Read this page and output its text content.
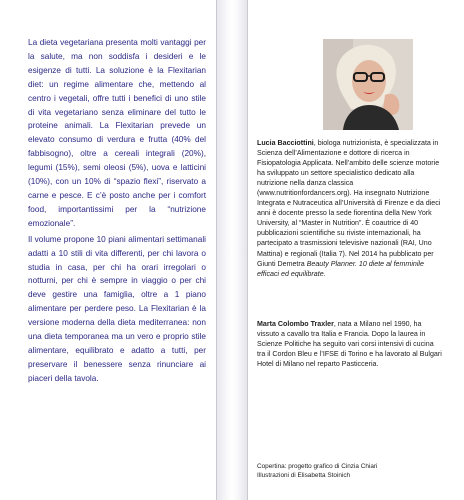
La dieta vegetariana presenta molti vantaggi per la salute, ma non soddisfa i desideri e le esigenze di tutti. La soluzione è la Flexitarian diet: un regime alimentare che, mettendo al centro i vegetali, offre tutti i benefici di uno stile di vita vegetariano senza eliminare del tutto le proteine animali. La Flexitarian prevede un elevato consumo di verdura e frutta (40% del fabbisogno), oltre a cereali integrali (20%), legumi (15%), semi oleosi (5%), uova e latticini (10%), con un 10% di “spazio flexi”, riservato a carne e pesce. E c’è posto anche per i comfort food, importantissimi per la “nutrizione emozionale”.

Il volume propone 10 piani alimentari settimanali adatti a 10 stili di vita differenti, per chi lavora o studia in casa, per chi ha orari irregolari o notturni, per chi è sempre in viaggio o per chi deve gestire una famiglia, oltre a 1 piano alimentare per perdere peso. La Flexitarian è la versione moderna della dieta mediterranea: non una dieta temporanea ma un vero e proprio stile alimentare, equilibrato e adatto a tutti, per preservare il benessere senza rinunciare ai piaceri della tavola.

Lucia Bacciottini, biologa nutrizionista, è specializzata in Scienza dell’Alimentazione e dottore di ricerca in Fisiopatologia Applicata. Nell’ambito delle scienze motorie ha sviluppato un settore specialistico dedicato alla nutrizione nella danza classica (www.nutritionfordancers.org). Ha insegnato Nutrizione Integrata e Nutraceutica all’Università di Firenze e da dieci anni è docente presso la sede fiorentina della New York University, al “Master in Nutrition”. È coautrice di 40 pubblicazioni scientifiche su riviste internazionali, ha partecipato a trasmissioni televisive nazionali (RAI, Uno Mattina) e regionali (Italia 7). Nel 2014 ha pubblicato per Giunti Demetra Beauty Planner. 10 diete al femminile efficaci ed equilibrate.

Marta Colombo Traxler, nata a Milano nel 1990, ha vissuto a cavallo tra Italia e Francia. Dopo la laurea in Scienze Politiche ha seguito vari corsi intensivi di cucina tra il Cordon Bleu e l’IFSE di Torino e ha lavorato al Bulgari Hotel di Milano nel reparto Pasticceria.

Copertina: progetto grafico di Cinzia Chiari
Illustrazioni di Elisabetta Stoinich
